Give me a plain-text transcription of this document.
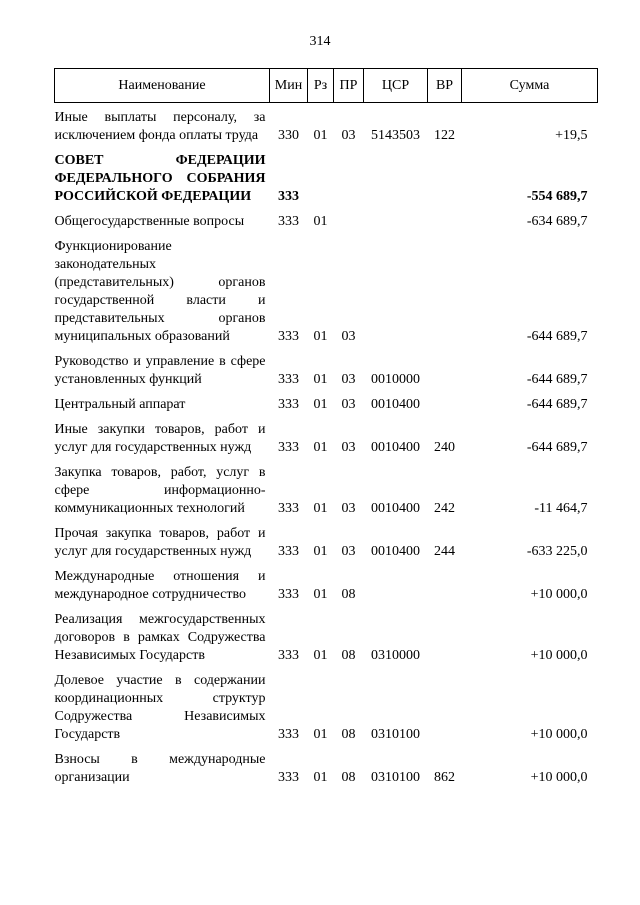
314
Наименование	Мин	Рз	ПР	ЦСР	ВР	Сумма
Иные выплаты персоналу, за исключением фонда оплаты труда	330	01	03	5143503	122	+19,5
СОВЕТ ФЕДЕРАЦИИ ФЕДЕРАЛЬНОГО СОБРАНИЯ РОССИЙСКОЙ ФЕДЕРАЦИИ	333					-554 689,7
Общегосударственные вопросы	333	01				-634 689,7
Функционирование законодательных (представительных) органов государственной власти и представительных органов муниципальных образований	333	01	03			-644 689,7
Руководство и управление в сфере установленных функций	333	01	03	0010000		-644 689,7
Центральный аппарат	333	01	03	0010400		-644 689,7
Иные закупки товаров, работ и услуг для государственных нужд	333	01	03	0010400	240	-644 689,7
Закупка товаров, работ, услуг в сфере информационно-коммуникационных технологий	333	01	03	0010400	242	-11 464,7
Прочая закупка товаров, работ и услуг для государственных нужд	333	01	03	0010400	244	-633 225,0
Международные отношения и международное сотрудничество	333	01	08			+10 000,0
Реализация межгосударственных договоров в рамках Содружества Независимых Государств	333	01	08	0310000		+10 000,0
Долевое участие в содержании координационных структур Содружества Независимых Государств	333	01	08	0310100		+10 000,0
Взносы в международные организации	333	01	08	0310100	862	+10 000,0
